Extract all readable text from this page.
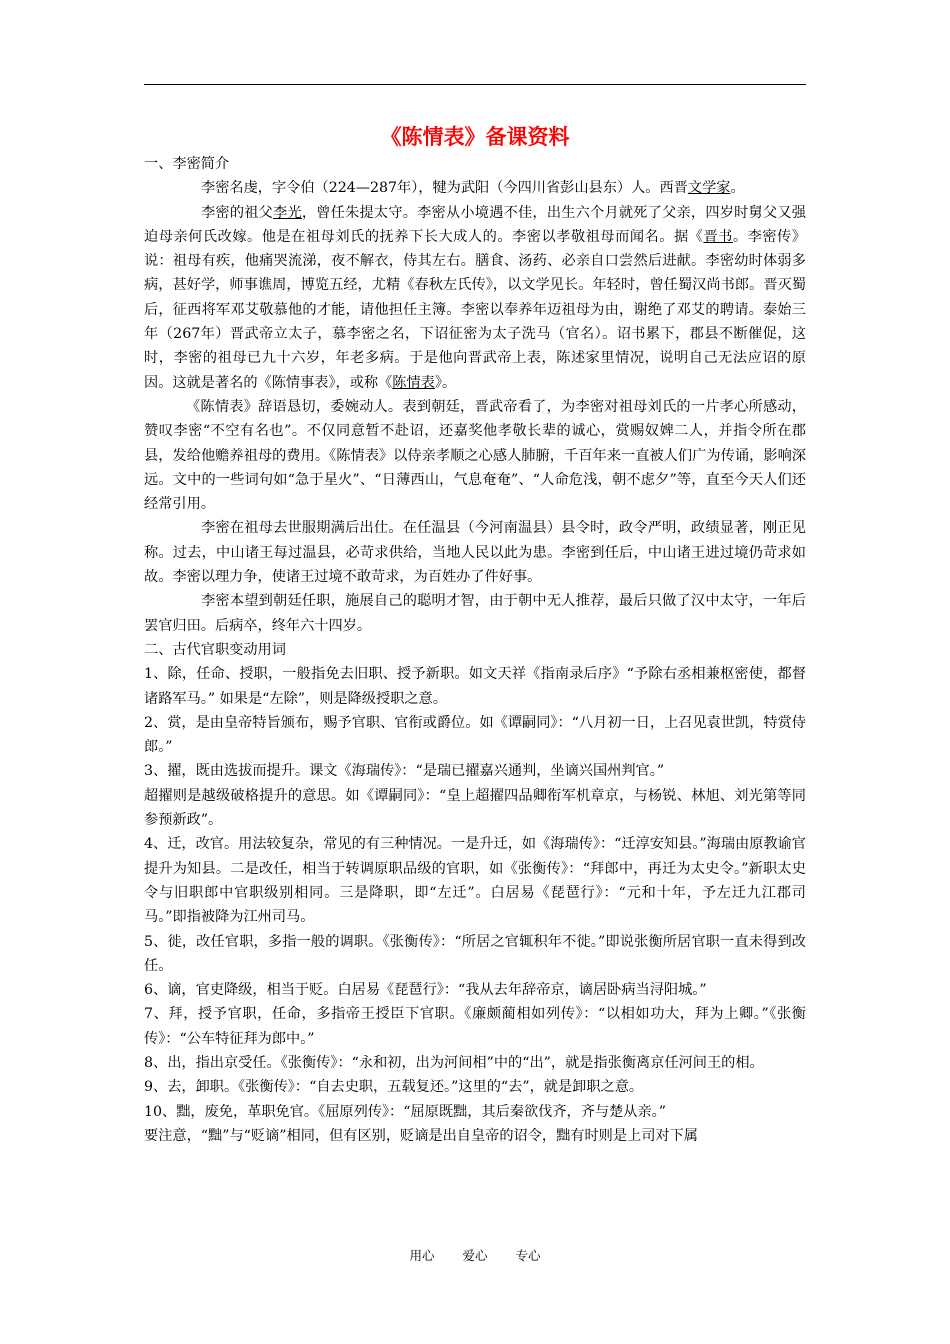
《陈情表》备课资料
一、李密简介

李密名虔，字令伯（224—287年），犍为武阳（今四川省彭山县东）人。西晋文学家。

李密的祖父李光，曾任朱提太守。李密从小境遇不佳，出生六个月就死了父亲，四岁时舅父又强迫母亲何氏改嫁。他是在祖母刘氏的抚养下长大成人的。李密以孝敬祖母而闻名。据《晋书。李密传》说：祖母有疾，他痛哭流涕，夜不解衣，侍其左右。膳食、汤药、必亲自口尝然后进献。李密幼时体弱多病，甚好学，师事谯周，博览五经，尤精《春秋左氏传》，以文学见长。年轻时，曾任蜀汉尚书郎。晋灭蜀后，征西将军邓艾敬慕他的才能，请他担任主簿。李密以奉养年迈祖母为由，谢绝了邓艾的聘请。泰始三年（267年）晋武帝立太子，慕李密之名，下诏征密为太子洗马（官名）。诏书累下，郡县不断催促，这时，李密的祖母已九十六岁，年老多病。于是他向晋武帝上表，陈述家里情况，说明自己无法应诏的原因。这就是著名的《陈情事表》，或称《陈情表》。

《陈情表》辞语恳切，委婉动人。表到朝廷，晋武帝看了，为李密对祖母刘氏的一片孝心所感动，赞叹李密“不空有名也”。不仅同意暂不赴诏，还嘉奖他孝敬长辈的诚心，赏赐奴婢二人，并指令所在郡县，发给他赡养祖母的费用。《陈情表》以侍亲孝顺之心感人肺腑，千百年来一直被人们广为传诵，影响深远。文中的一些词句如“急于星火”、“日薄西山，气息奄奄”、“人命危浅，朝不虑夕”等，直至今天人们还经常引用。

李密在祖母去世服期满后出仕。在任温县（今河南温县）县令时，政令严明，政绩显著，刚正见称。过去，中山诸王每过温县，必苛求供给，当地人民以此为患。李密到任后，中山诸王进过境仍苛求如故。李密以理力争，使诸王过境不敢苛求，为百姓办了件好事。

李密本望到朝廷任职，施展自己的聪明才智，由于朝中无人推荐，最后只做了汉中太守，一年后罢官归田。后病卒，终年六十四岁。

二、古代官职变动用词

1、除，任命、授职，一般指免去旧职、授予新职。如文天祥《指南录后序》“予除右丞相兼枢密使，都督诸路军马。” 如果是“左除”，则是降级授职之意。

2、赏，是由皇帝特旨颁布，赐予官职、官衔或爵位。如《谭嗣同》：“八月初一日，上召见袁世凯，特赏侍郎。”

3、擢，既由选拔而提升。课文《海瑞传》：“是瑞已擢嘉兴通判，坐谪兴国州判官。”

超擢则是越级破格提升的意思。如《谭嗣同》：“皇上超擢四品卿衔军机章京，与杨锐、林旭、刘光第等同参预新政”。

4、迁，改官。用法较复杂，常见的有三种情况。一是升迁，如《海瑞传》：“迁淳安知县。”海瑞由原教谕官提升为知县。二是改任，相当于转调原职品级的官职，如《张衡传》：“拜郎中，再迁为太史令。”新职太史令与旧职郎中官职级别相同。三是降职，即“左迁”。白居易《琵琶行》：“元和十年，予左迁九江郡司马。”即指被降为江州司马。

5、徙，改任官职，多指一般的调职。《张衡传》：“所居之官辄积年不徙。”即说张衡所居官职一直未得到改任。

6、谪，官吏降级，相当于贬。白居易《琵琶行》：“我从去年辞帝京，谪居卧病当浔阳城。”

7、拜，授予官职，任命，多指帝王授臣下官职。《廉颇蔺相如列传》：“以相如功大，拜为上卿。”《张衡传》：“公车特征拜为郎中。”

8、出，指出京受任。《张衡传》：“永和初，出为河间相”中的“出”，就是指张衡离京任河间王的相。

9、去，卸职。《张衡传》：“自去史职，五载复还。”这里的“去”，就是卸职之意。

10、黜，废免，革职免官。《屈原列传》：“屈原既黜，其后秦欲伐齐，齐与楚从亲。”

要注意，“黜”与“贬谪”相同，但有区别，贬谪是出自皇帝的诏令，黜有时则是上司对下属

用心 爱心 专心
